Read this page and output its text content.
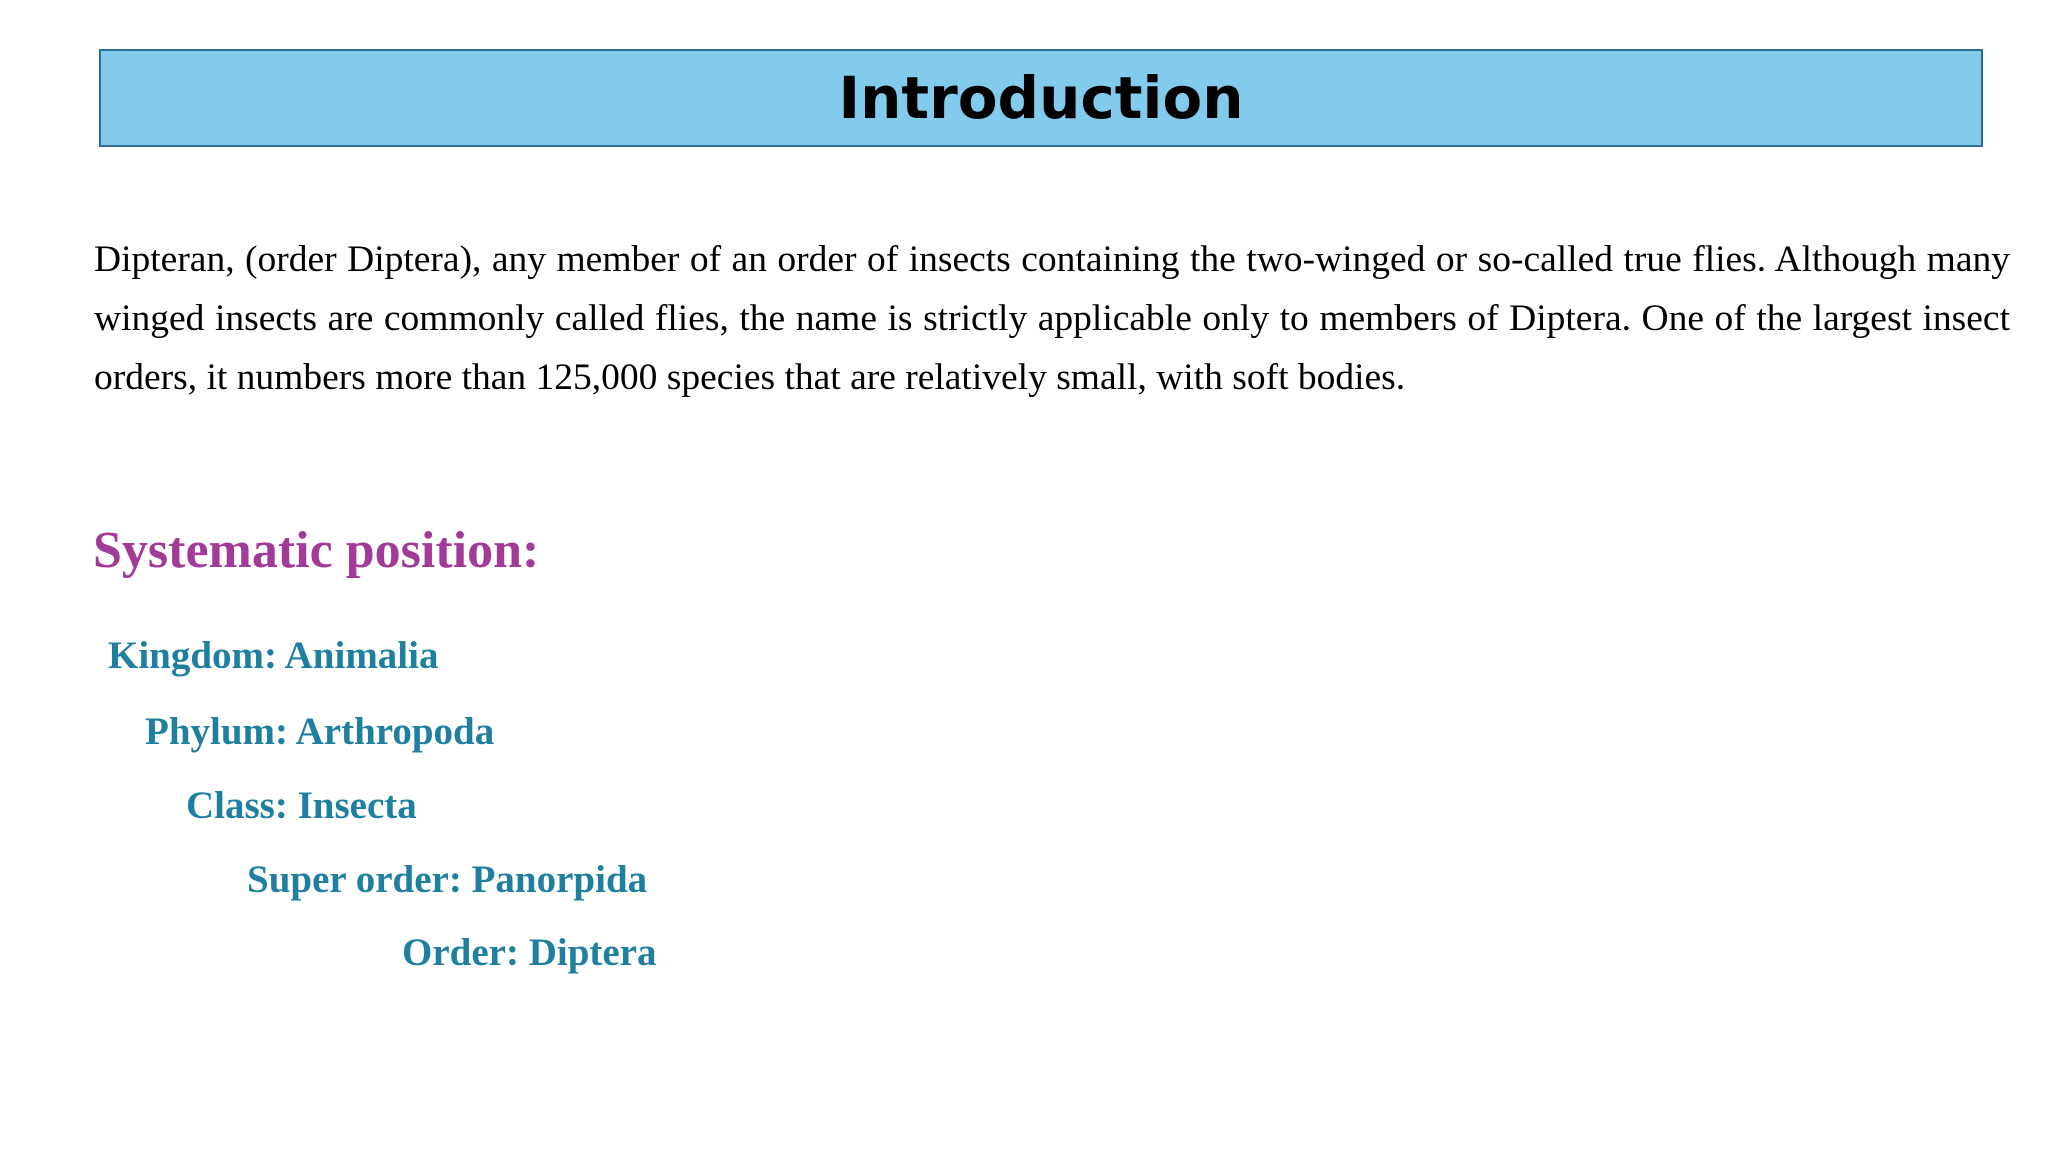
Introduction

Dipteran, (order Diptera), any member of an order of insects containing the two-winged or so-called true flies. Although many winged insects are commonly called flies, the name is strictly applicable only to members of Diptera. One of the largest insect orders, it numbers more than 125,000 species that are relatively small, with soft bodies.

Systematic position:
Kingdom: Animalia
Phylum: Arthropoda
Class: Insecta
Super order: Panorpida
Order: Diptera
